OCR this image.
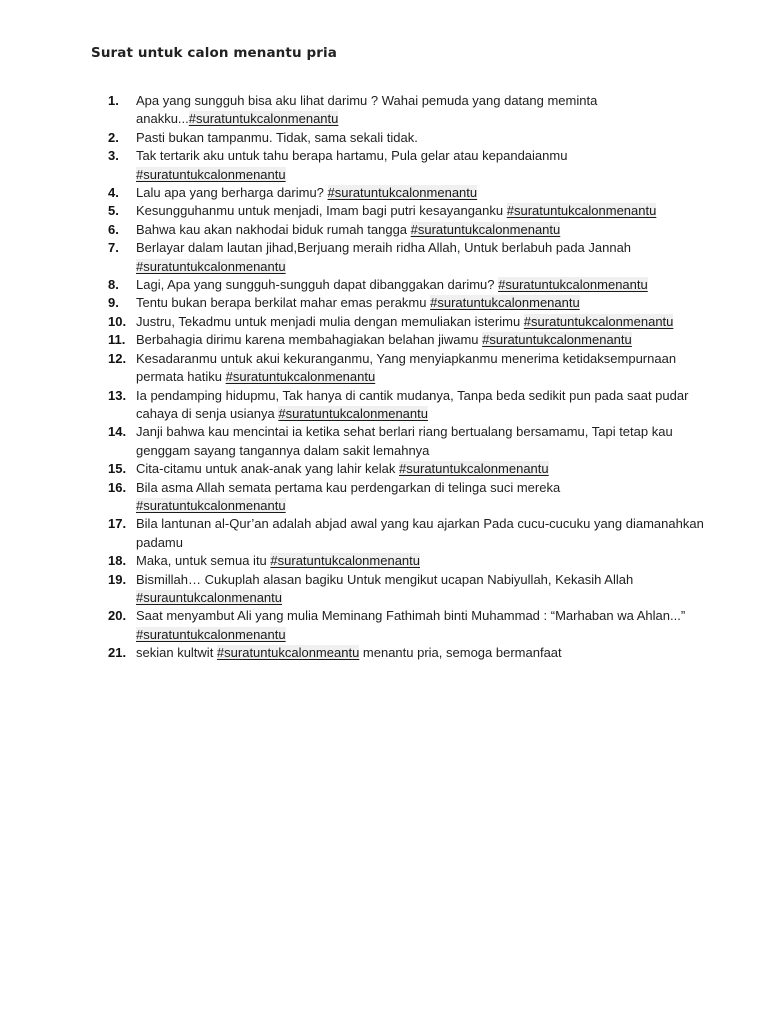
Surat untuk calon menantu pria
1.	Apa yang sungguh bisa aku lihat darimu ? Wahai pemuda yang datang meminta anakku...#suratuntukcalonmenantu
2.	Pasti bukan tampanmu. Tidak, sama sekali tidak.
3.	Tak tertarik aku untuk tahu berapa hartamu, Pula gelar atau kepandaianmu #suratuntukcalonmenantu
4.	Lalu apa yang berharga darimu? #suratuntukcalonmenantu
5.	Kesungguhanmu untuk menjadi, Imam bagi putri kesayanganku #suratuntukcalonmenantu
6.	Bahwa kau akan nakhodai biduk rumah tangga #suratuntukcalonmenantu
7.	Berlayar dalam lautan jihad,Berjuang meraih ridha Allah, Untuk berlabuh pada Jannah #suratuntukcalonmenantu
8.	Lagi, Apa yang sungguh-sungguh dapat dibanggakan darimu? #suratuntukcalonmenantu
9.	Tentu bukan berapa berkilat mahar emas perakmu #suratuntukcalonmenantu
10. Justru, Tekadmu untuk menjadi mulia dengan memuliakan isterimu #suratuntukcalonmenantu
11. Berbahagia dirimu karena membahagiakan belahan jiwamu #suratuntukcalonmenantu
12. Kesadaranmu untuk akui kekuranganmu, Yang menyiapkanmu menerima ketidaksempurnaan permata hatiku #suratuntukcalonmenantu
13. Ia pendamping hidupmu, Tak hanya di cantik mudanya, Tanpa beda sedikit pun pada saat pudar cahaya di senja usianya #suratuntukcalonmenantu
14. Janji bahwa kau mencintai ia ketika sehat berlari riang bertualang bersamamu, Tapi tetap kau genggam sayang tangannya dalam sakit lemahnya
15. Cita-citamu untuk anak-anak yang lahir kelak #suratuntukcalonmenantu
16. Bila asma Allah semata pertama kau perdengarkan di telinga suci mereka #suratuntukcalonmenantu
17. Bila lantunan al-Qur’an adalah abjad awal yang kau ajarkan Pada cucu-cucuku yang diamanahkan padamu
18. Maka, untuk semua itu #suratuntukcalonmenantu
19. Bismillah… Cukuplah alasan bagiku Untuk mengikut ucapan Nabiyullah, Kekasih Allah #surauntukcalonmenantu
20. Saat menyambut Ali yang mulia Meminang Fathimah binti Muhammad : “Marhaban wa Ahlan...” #suratuntukcalonmenantu
21. sekian kultwit #suratuntukcalonmeantu menantu pria, semoga bermanfaat
